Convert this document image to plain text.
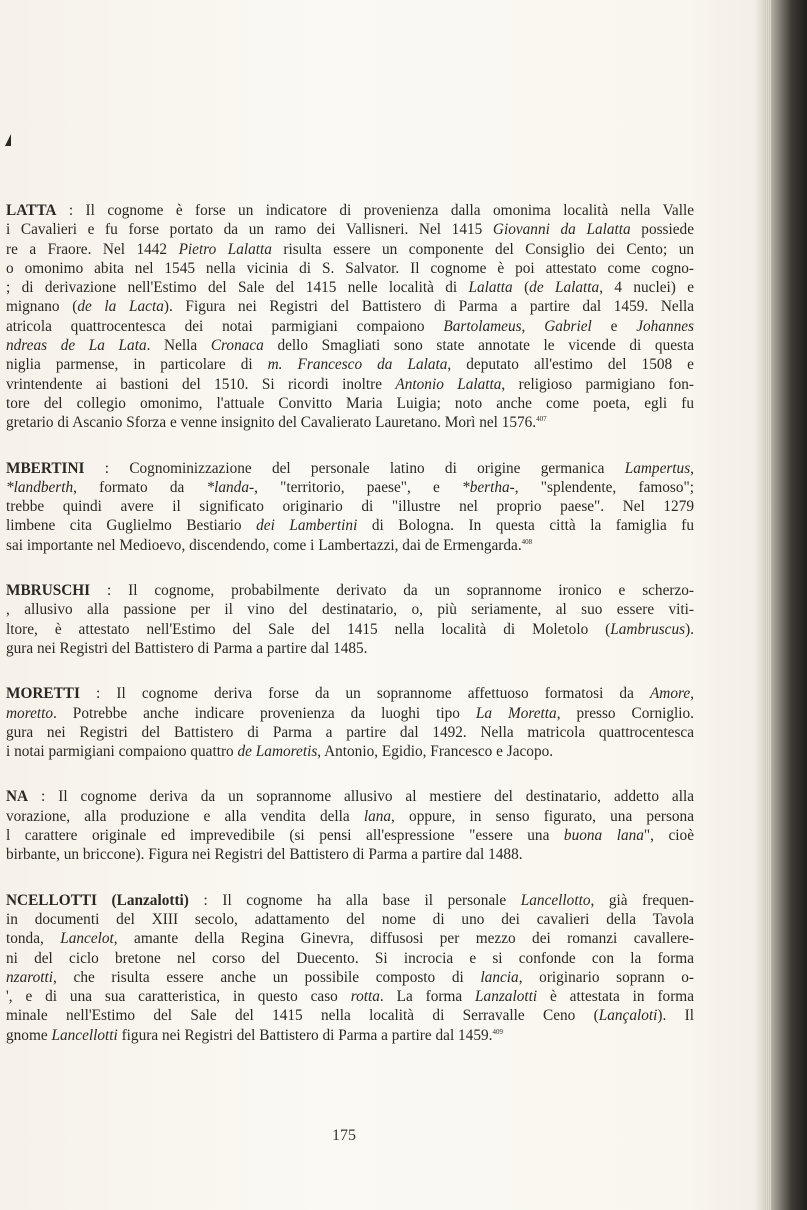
LATTA : Il cognome è forse un indicatore di provenienza dalla omonima località nella Valle
i Cavalieri e fu forse portato da un ramo dei Vallisneri. Nel 1415 Giovanni da Lalatta possiede
re a Fraore. Nel 1442 Pietro Lalatta risulta essere un componente del Consiglio dei Cento; un
o omonimo abita nel 1545 nella vicinia di S. Salvator. Il cognome è poi attestato come cogno-
; di derivazione nell'Estimo del Sale del 1415 nelle località di Lalatta (de Lalatta, 4 nuclei) e
mignano (de la Lacta). Figura nei Registri del Battistero di Parma a partire dal 1459. Nella
atricola quattrocentesca dei notai parmigiani compaiono Bartolameus, Gabriel e Johannes
ndreas de La Lata. Nella Cronaca dello Smagliati sono state annotate le vicende di questa
niglia parmense, in particolare di m. Francesco da Lalata, deputato all'estimo del 1508 e
vrintendente ai bastioni del 1510. Si ricordi inoltre Antonio Lalatta, religioso parmigiano fon-
tore del collegio omonimo, l'attuale Convitto Maria Luigia; noto anche come poeta, egli fu
gretario di Ascanio Sforza e venne insignito del Cavalierato Lauretano. Morì nel 1576.$^{407}$
MBERTINI : Cognominizzazione del personale latino di origine germanica Lampertus,
*landberth, formato da *landa-, "territorio, paese", e *bertha-, "splendente, famoso";
trebbe quindi avere il significato originario di "illustre nel proprio paese". Nel 1279
limbene cita Guglielmo Bestiario dei Lambertini di Bologna. In questa città la famiglia fu
sai importante nel Medioevo, discendendo, come i Lambertazzi, dai de Ermengarda.$^{408}$
MBRUSCHI : Il cognome, probabilmente derivato da un soprannome ironico e scherzo-
, allusivo alla passione per il vino del destinatario, o, più seriamente, al suo essere viti-
ltore, è attestato nell'Estimo del Sale del 1415 nella località di Moletolo (Lambruscus).
gura nei Registri del Battistero di Parma a partire dal 1485.
MORETTI : Il cognome deriva forse da un soprannome affettuoso formatosi da Amore,
moretto. Potrebbe anche indicare provenienza da luoghi tipo La Moretta, presso Corniglio.
gura nei Registri del Battistero di Parma a partire dal 1492. Nella matricola quattrocentesca
i notai parmigiani compaiono quattro de Lamoretis, Antonio, Egidio, Francesco e Jacopo.
NA : Il cognome deriva da un soprannome allusivo al mestiere del destinatario, addetto alla
vorazione, alla produzione e alla vendita della lana, oppure, in senso figurato, una persona
l carattere originale ed imprevedibile (si pensi all'espressione "essere una buona lana", cioè
birbante, un briccone). Figura nei Registri del Battistero di Parma a partire dal 1488.
NCELLOTTI (Lanzalotti) : Il cognome ha alla base il personale Lancellotto, già frequen-
in documenti del XIII secolo, adattamento del nome di uno dei cavalieri della Tavola
tonda, Lancelot, amante della Regina Ginevra, diffusosi per mezzo dei romanzi cavallere-
ni del ciclo bretone nel corso del Duecento. Si incrocia e si confonde con la forma
nzarotti, che risulta essere anche un possibile composto di lancia, originario soprann o-
', e di una sua caratteristica, in questo caso rotta. La forma Lanzalotti è attestata in forma
minale nell'Estimo del Sale del 1415 nella località di Serravalle Ceno (Lançaloti). Il
gnome Lancellotti figura nei Registri del Battistero di Parma a partire dal 1459.$^{409}$
175
